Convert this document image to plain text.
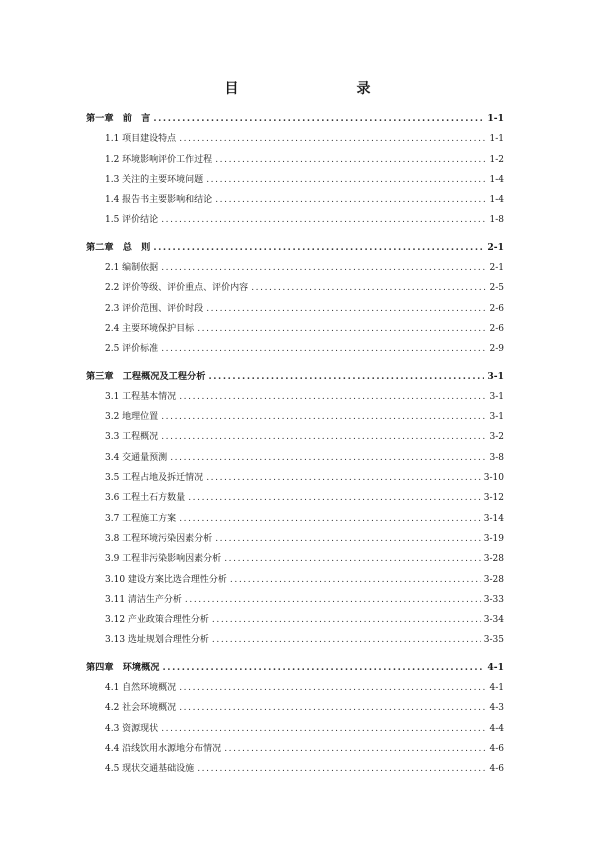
目　　录
第一章　前　言 .....	1-1
1.1 项目建设特点 .....	1-1
1.2 环境影响评价工作过程 .....	1-2
1.3 关注的主要环境问题 .....	1-4
1.4 报告书主要影响和结论 .....	1-4
1.5 评价结论 .....	1-8
第二章　总　则 .....	2-1
2.1 编制依据 .....	2-1
2.2 评价等级、评价重点、评价内容 .....	2-5
2.3 评价范围、评价时段 .....	2-6
2.4 主要环境保护目标 .....	2-6
2.5 评价标准 .....	2-9
第三章　工程概况及工程分析 .....	3-1
3.1 工程基本情况 .....	3-1
3.2 地理位置 .....	3-1
3.3 工程概况 .....	3-2
3.4 交通量预测 .....	3-8
3.5 工程占地及拆迁情况 .....	3-10
3.6 工程土石方数量 .....	3-12
3.7 工程施工方案 .....	3-14
3.8 工程环境污染因素分析 .....	3-19
3.9 工程非污染影响因素分析 .....	3-28
3.10 建设方案比选合理性分析 .....	3-28
3.11 清洁生产分析 .....	3-33
3.12 产业政策合理性分析 .....	3-34
3.13 选址规划合理性分析 .....	3-35
第四章　环境概况 .....	4-1
4.1 自然环境概况 .....	4-1
4.2 社会环境概况 .....	4-3
4.3 资源现状 .....	4-4
4.4 沿线饮用水源地分布情况 .....	4-6
4.5 现状交通基础设施 .....	4-6
